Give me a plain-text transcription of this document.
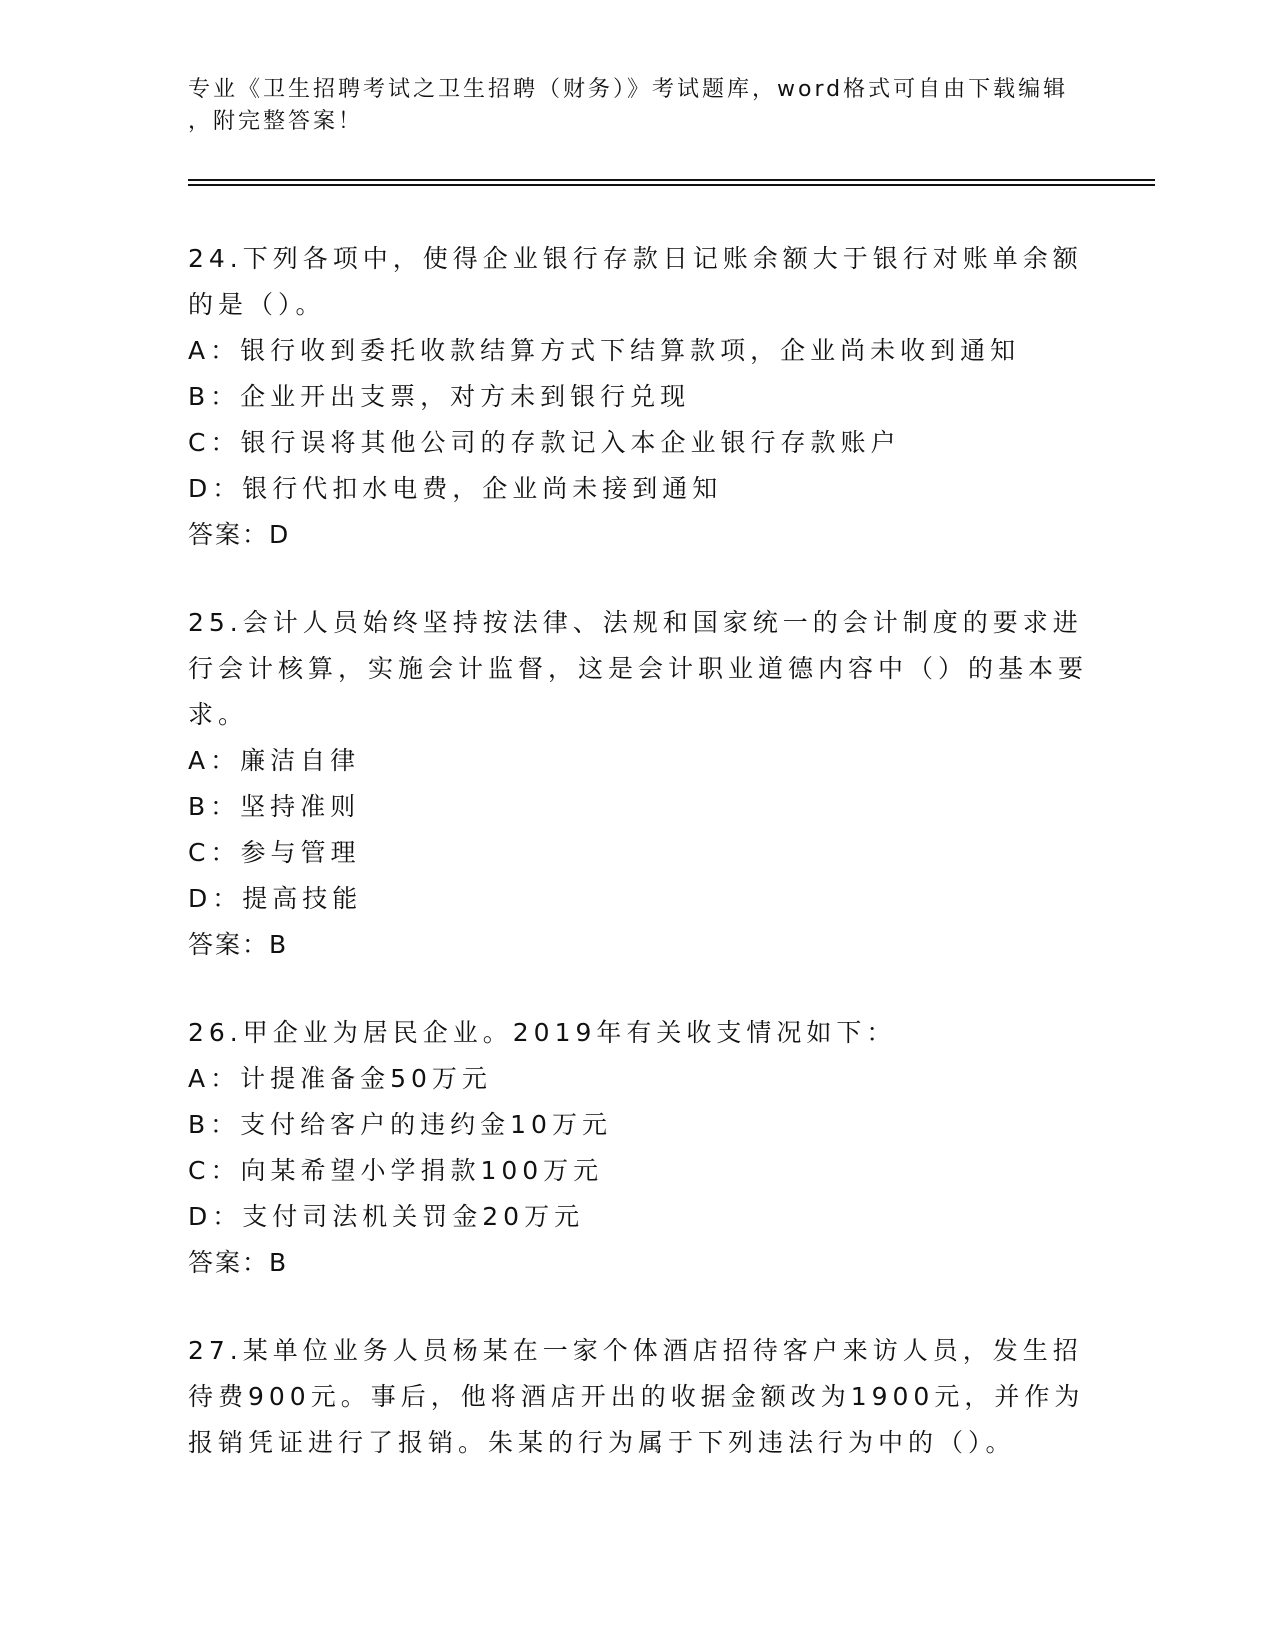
专业《卫生招聘考试之卫生招聘（财务）》考试题库，word格式可自由下载编辑
，附完整答案！
24.下列各项中，使得企业银行存款日记账余额大于银行对账单余额的是（）。
A：银行收到委托收款结算方式下结算款项，企业尚未收到通知
B：企业开出支票，对方未到银行兑现
C：银行误将其他公司的存款记入本企业银行存款账户
D：银行代扣水电费，企业尚未接到通知
答案：D
25.会计人员始终坚持按法律、法规和国家统一的会计制度的要求进行会计核算，实施会计监督，这是会计职业道德内容中（）的基本要求。
A：廉洁自律
B：坚持准则
C：参与管理
D：提高技能
答案：B
26.甲企业为居民企业。2019年有关收支情况如下：
A：计提准备金50万元
B：支付给客户的违约金10万元
C：向某希望小学捐款100万元
D：支付司法机关罚金20万元
答案：B
27.某单位业务人员杨某在一家个体酒店招待客户来访人员，发生招待费900元。事后，他将酒店开出的收据金额改为1900元，并作为报销凭证进行了报销。朱某的行为属于下列违法行为中的（）。
